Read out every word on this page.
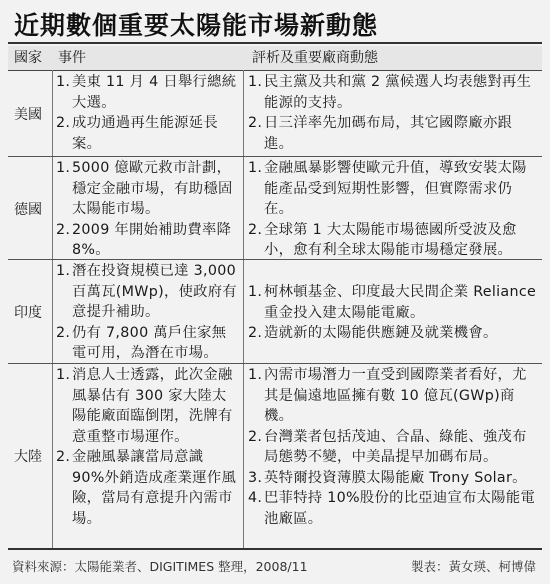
近期數個重要太陽能市場新動態
國家 事件	評析及重要廠商動態
美國
1. 美東 11 月 4 日舉行總統大選。
2. 成功通過再生能源延長案。
1. 民主黨及共和黨 2 黨候選人均表態對再生能源的支持。
2. 日三洋率先加碼布局，其它國際廠亦跟進。
德國
1. 5000 億歐元救市計劃，穩定金融市場，有助穩固太陽能市場。
2. 2009 年開始補助費率降 8%。
1. 金融風暴影響使歐元升值，導致安裝太陽能產品受到短期性影響，但實際需求仍在。
2. 全球第 1 大太陽能市場德國所受波及愈小，愈有利全球太陽能市場穩定發展。
印度
1. 潛在投資規模已達 3,000 百萬瓦(MWp)，使政府有意提升補助。
2. 仍有 7,800 萬戶住家無電可用，為潛在市場。
1. 柯林頓基金、印度最大民間企業 Reliance 重金投入建太陽能電廠。
2. 造就新的太陽能供應鏈及就業機會。
大陸
1. 消息人士透露，此次金融風暴估有 300 家大陸太陽能廠面臨倒閉，洗牌有意重整市場運作。
2. 金融風暴讓當局意識 90%外銷造成產業運作風險，當局有意提升內需市場。
1. 內需市場潛力一直受到國際業者看好，尤其是偏遠地區擁有數 10 億瓦(GWp)商機。
2. 台灣業者包括茂迪、合晶、綠能、強茂布局態勢不變，中美晶提早加碼布局。
3. 英特爾投資薄膜太陽能廠 Trony Solar。
4. 巴菲特持 10%股份的比亞迪宣布太陽能電池廠區。
資料來源：太陽能業者、DIGITIMES 整理，2008/11	製表：黃女瑛、柯博偉
